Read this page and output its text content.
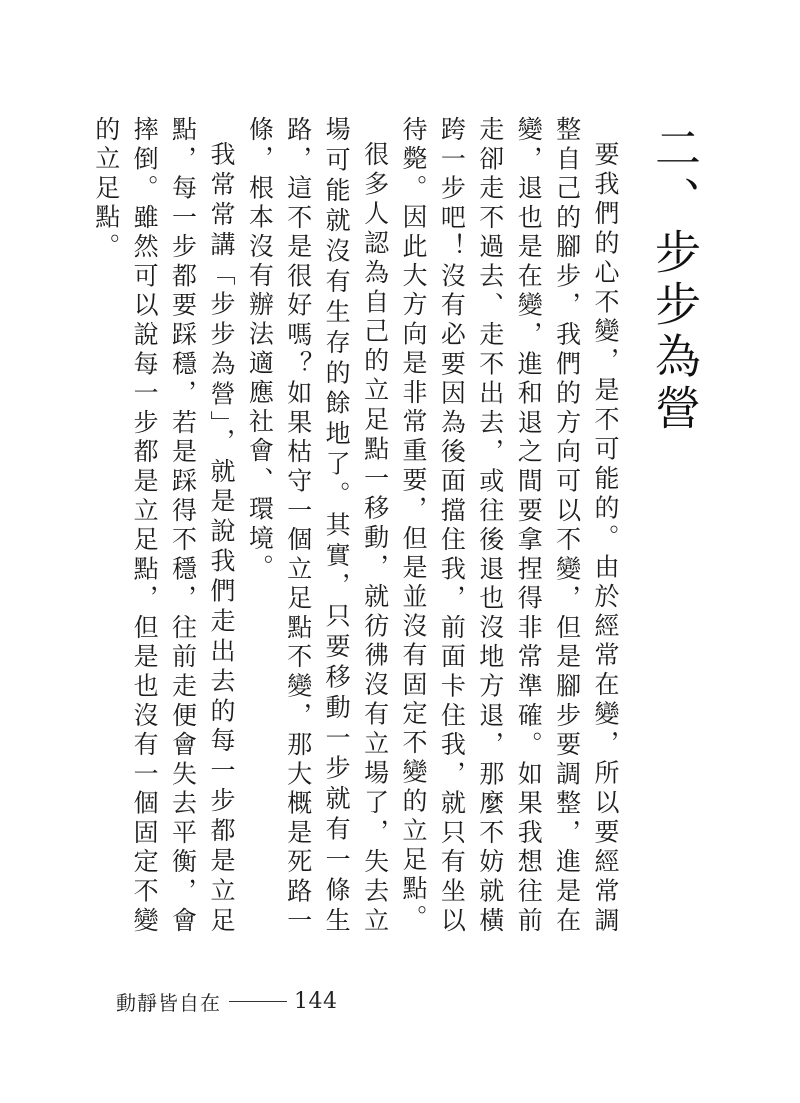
二、步步為營

要我們的心不變，是不可能的。由於經常在變，所以要經常調整自己的腳步，我們的方向可以不變，但是腳步要調整，進是在變，退也是在變，進和退之間要拿捏得非常準確。如果我想往前走卻走不過去、走不出去，或往後退也沒地方退，那麼不妨就橫跨一步吧！沒有必要因為後面擋住我，前面卡住我，就只有坐以待斃。因此大方向是非常重要，但是並沒有固定不變的立足點。

很多人認為自己的立足點一移動，就彷彿沒有立場了，失去立場可能就沒有生存的餘地了。其實，只要移動一步就有一條生路，這不是很好嗎？如果枯守一個立足點不變，那大概是死路一條，根本沒有辦法適應社會、環境。

我常常講「步步為營」，就是說我們走出去的每一步都是立足點，每一步都要踩穩，若是踩得不穩，往前走便會失去平衡，會摔倒。雖然可以說每一步都是立足點，但是也沒有一個固定不變的立足點。

動靜皆自在	144
